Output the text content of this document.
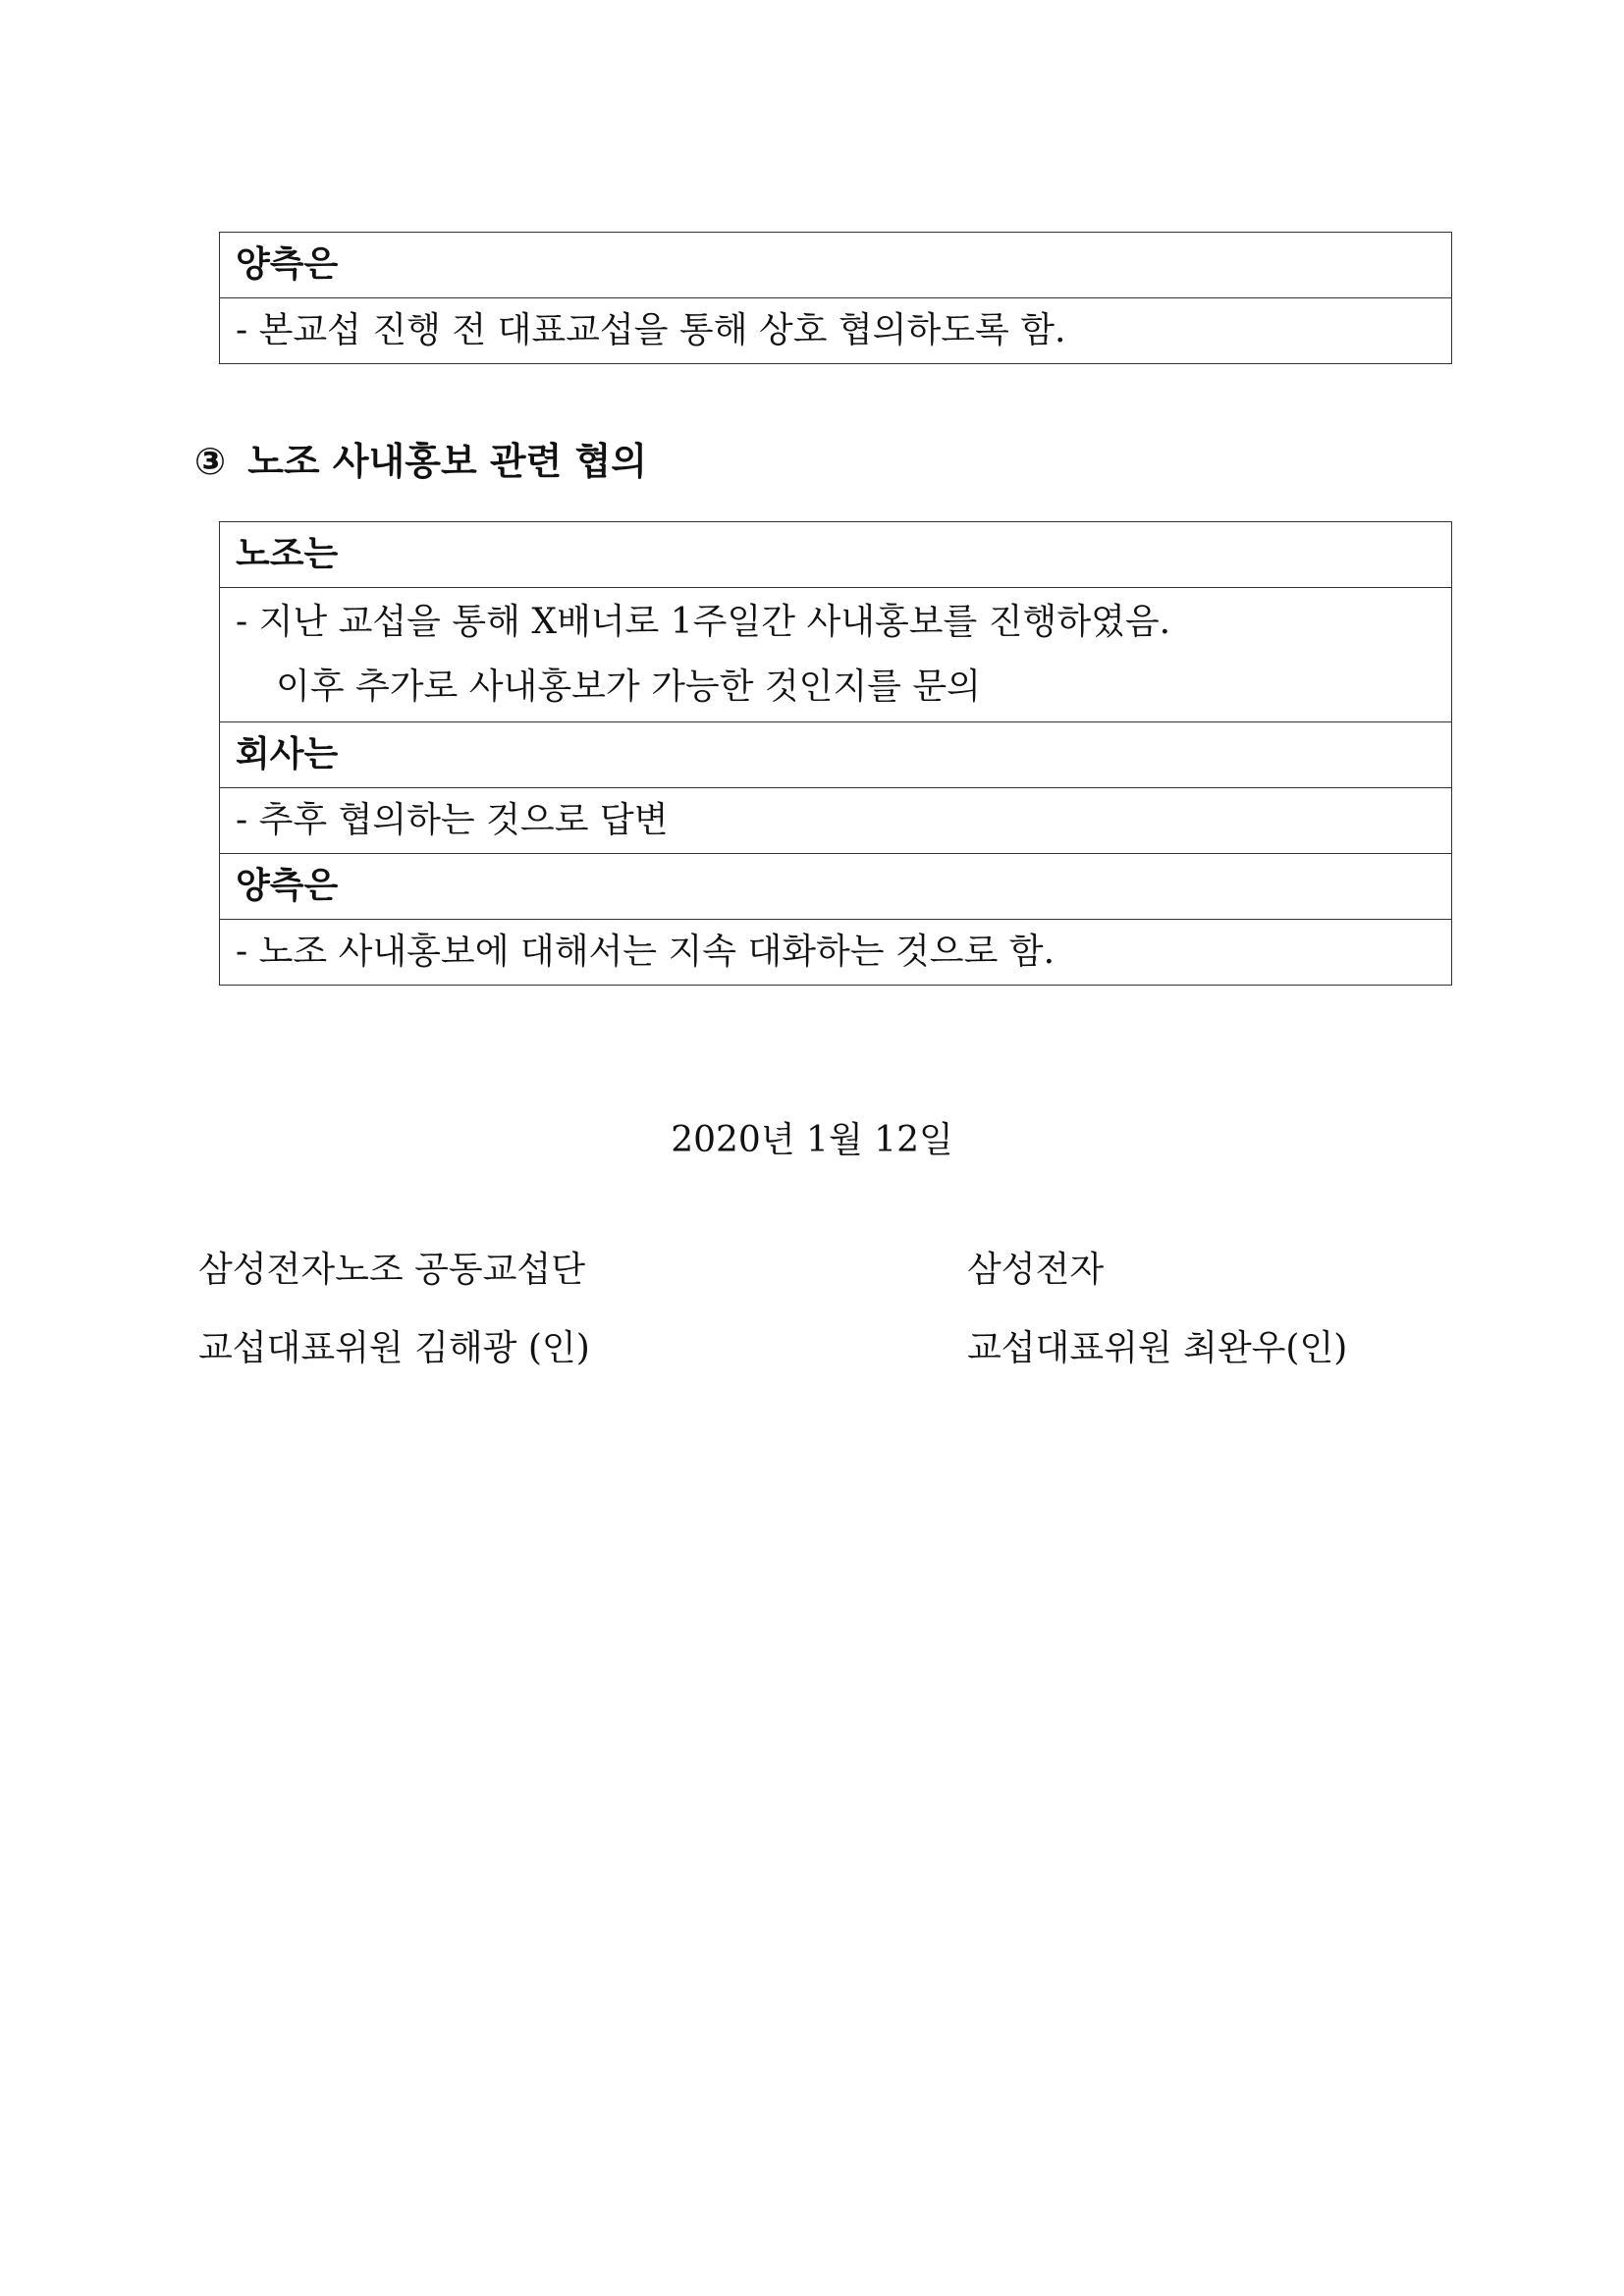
양측은
- 본교섭 진행 전 대표교섭을 통해 상호 협의하도록 함.
③ 노조 사내홍보 관련 협의
노조는

- 지난 교섭을 통해 X배너로 1주일간 사내홍보를 진행하였음.
이후 추가로 사내홍보가 가능한 것인지를 문의

회사는
- 추후 협의하는 것으로 답변
양측은
- 노조 사내홍보에 대해서는 지속 대화하는 것으로 함.
2020년 1월 12일
삼성전자노조 공동교섭단
교섭대표위원 김해광 (인)
삼성전자
교섭대표위원 최완우(인)
